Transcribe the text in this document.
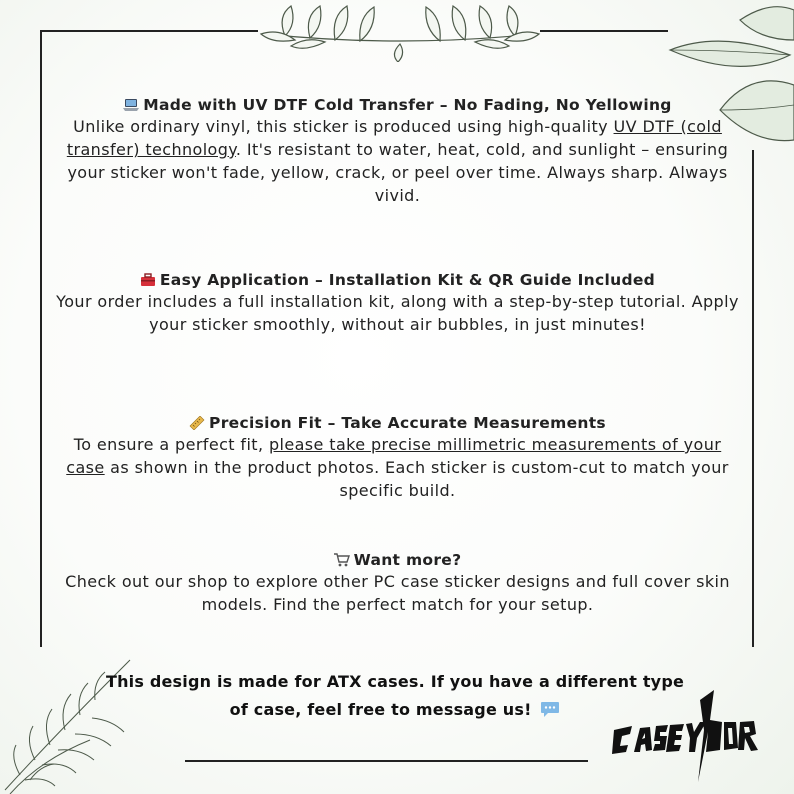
Made with UV DTF Cold Transfer – No Fading, No Yellowing

Unlike ordinary vinyl, this sticker is produced using high-quality UV DTF (cold transfer) technology. It's resistant to water, heat, cold, and sunlight – ensuring your sticker won't fade, yellow, crack, or peel over time. Always sharp. Always vivid.

Easy Application – Installation Kit & QR Guide Included

Your order includes a full installation kit, along with a step-by-step tutorial. Apply your sticker smoothly, without air bubbles, in just minutes!

Precision Fit – Take Accurate Measurements

To ensure a perfect fit, please take precise millimetric measurements of your case as shown in the product photos. Each sticker is custom-cut to match your specific build.

Want more?

Check out our shop to explore other PC case sticker designs and full cover skin models. Find the perfect match for your setup.

This design is made for ATX cases. If you have a different type
of case, feel free to message us!
